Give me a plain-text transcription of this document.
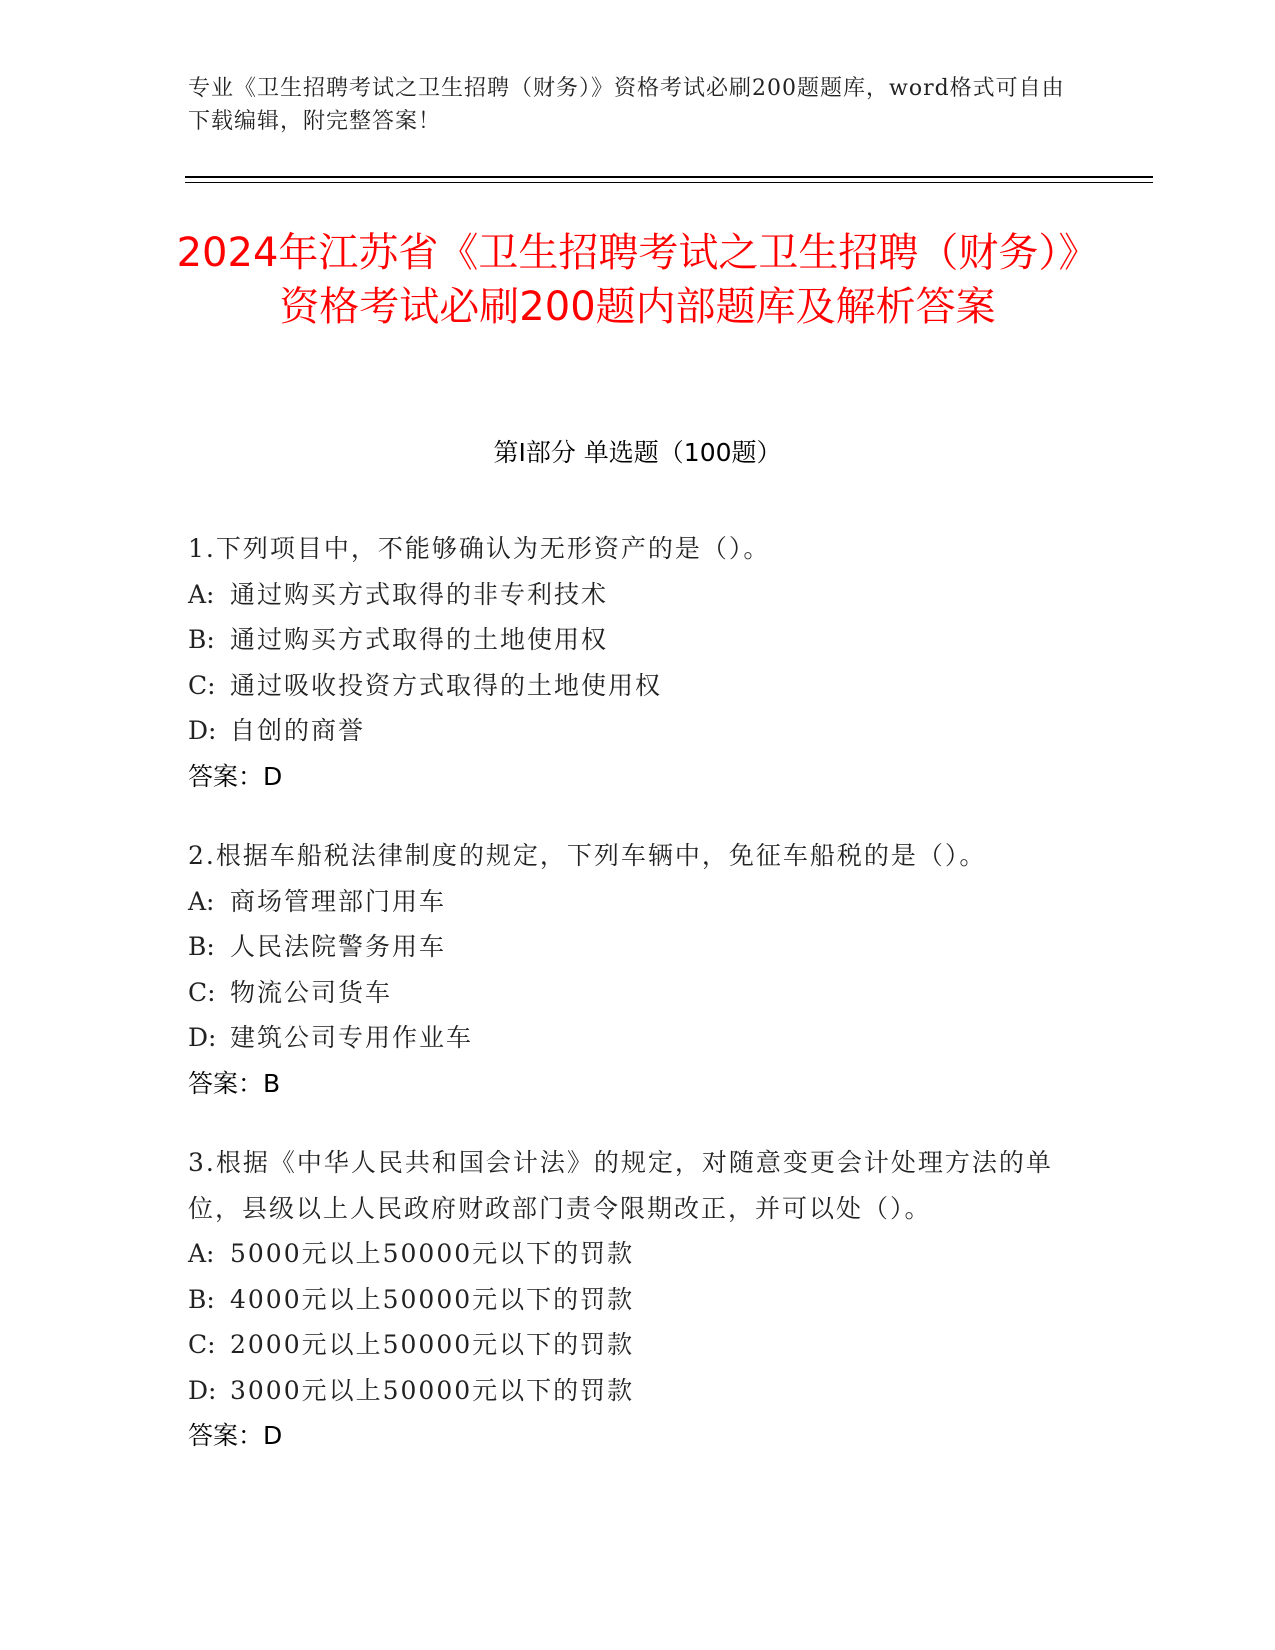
专业《卫生招聘考试之卫生招聘（财务）》资格考试必刷200题题库，word格式可自由下载编辑，附完整答案！
2024年江苏省《卫生招聘考试之卫生招聘（财务）》资格考试必刷200题内部题库及解析答案
第I部分 单选题（100题）
1.下列项目中，不能够确认为无形资产的是（）。
A: 通过购买方式取得的非专利技术
B: 通过购买方式取得的土地使用权
C: 通过吸收投资方式取得的土地使用权
D: 自创的商誉
答案：D
2.根据车船税法律制度的规定，下列车辆中，免征车船税的是（）。
A: 商场管理部门用车
B: 人民法院警务用车
C: 物流公司货车
D: 建筑公司专用作业车
答案：B
3.根据《中华人民共和国会计法》的规定，对随意变更会计处理方法的单位，县级以上人民政府财政部门责令限期改正，并可以处（）。
A: 5000元以上50000元以下的罚款
B: 4000元以上50000元以下的罚款
C: 2000元以上50000元以下的罚款
D: 3000元以上50000元以下的罚款
答案：D
